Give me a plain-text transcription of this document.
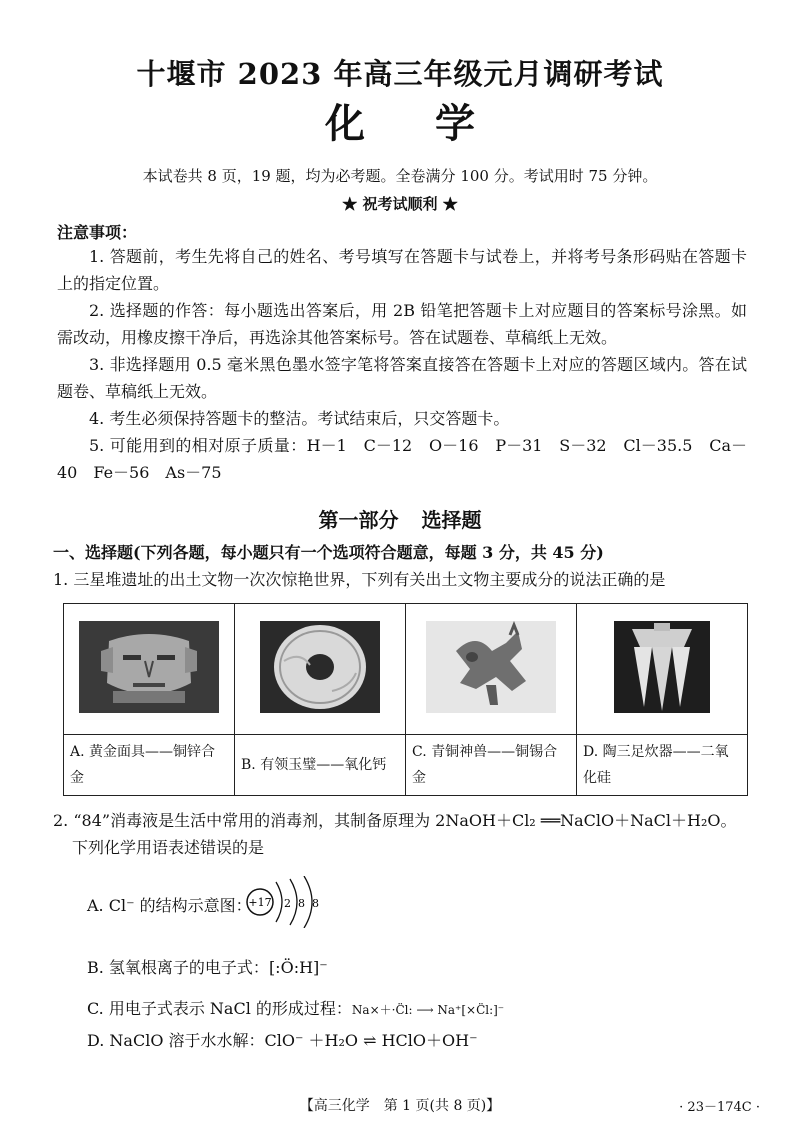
十堰市 2023 年高三年级元月调研考试
化学
本试卷共 8 页，19 题，均为必考题。全卷满分 100 分。考试用时 75 分钟。
★ 祝考试顺利 ★
注意事项：
1. 答题前，考生先将自己的姓名、考号填写在答题卡与试卷上，并将考号条形码贴在答题卡上的指定位置。
2. 选择题的作答：每小题选出答案后，用 2B 铅笔把答题卡上对应题目的答案标号涂黑。如需改动，用橡皮擦干净后，再选涂其他答案标号。答在试题卷、草稿纸上无效。
3. 非选择题用 0.5 毫米黑色墨水签字笔将答案直接答在答题卡上对应的答题区域内。答在试题卷、草稿纸上无效。
4. 考生必须保持答题卡的整洁。考试结束后，只交答题卡。
5. 可能用到的相对原子质量：H－1　C－12　O－16　P－31　S－32　Cl－35.5　Ca－40　Fe－56　As－75
第一部分 选择题
一、选择题(下列各题，每小题只有一个选项符合题意，每题 3 分，共 45 分)
1. 三星堆遗址的出土文物一次次惊艳世界，下列有关出土文物主要成分的说法正确的是

A. 黄金面具——铜锌合金	B. 有领玉璧——氧化钙	C. 青铜神兽——铜锡合金	D. 陶三足炊器——二氧化硅
2. “84”消毒液是生活中常用的消毒剂，其制备原理为 2NaOH＋Cl₂ ══NaClO＋NaCl＋H₂O。
下列化学用语表述错误的是
A. Cl⁻ 的结构示意图：
+17 2 8 8
B. 氢氧根离子的电子式：[:Ö:H]⁻
C. 用电子式表示 NaCl 的形成过程：Na×＋·C̈l: ⟶ Na⁺[×C̈l:]⁻
D. NaClO 溶于水水解：ClO⁻ ＋H₂O ⇌ HClO＋OH⁻
【高三化学　第 1 页(共 8 页)】	· 23－174C ·
